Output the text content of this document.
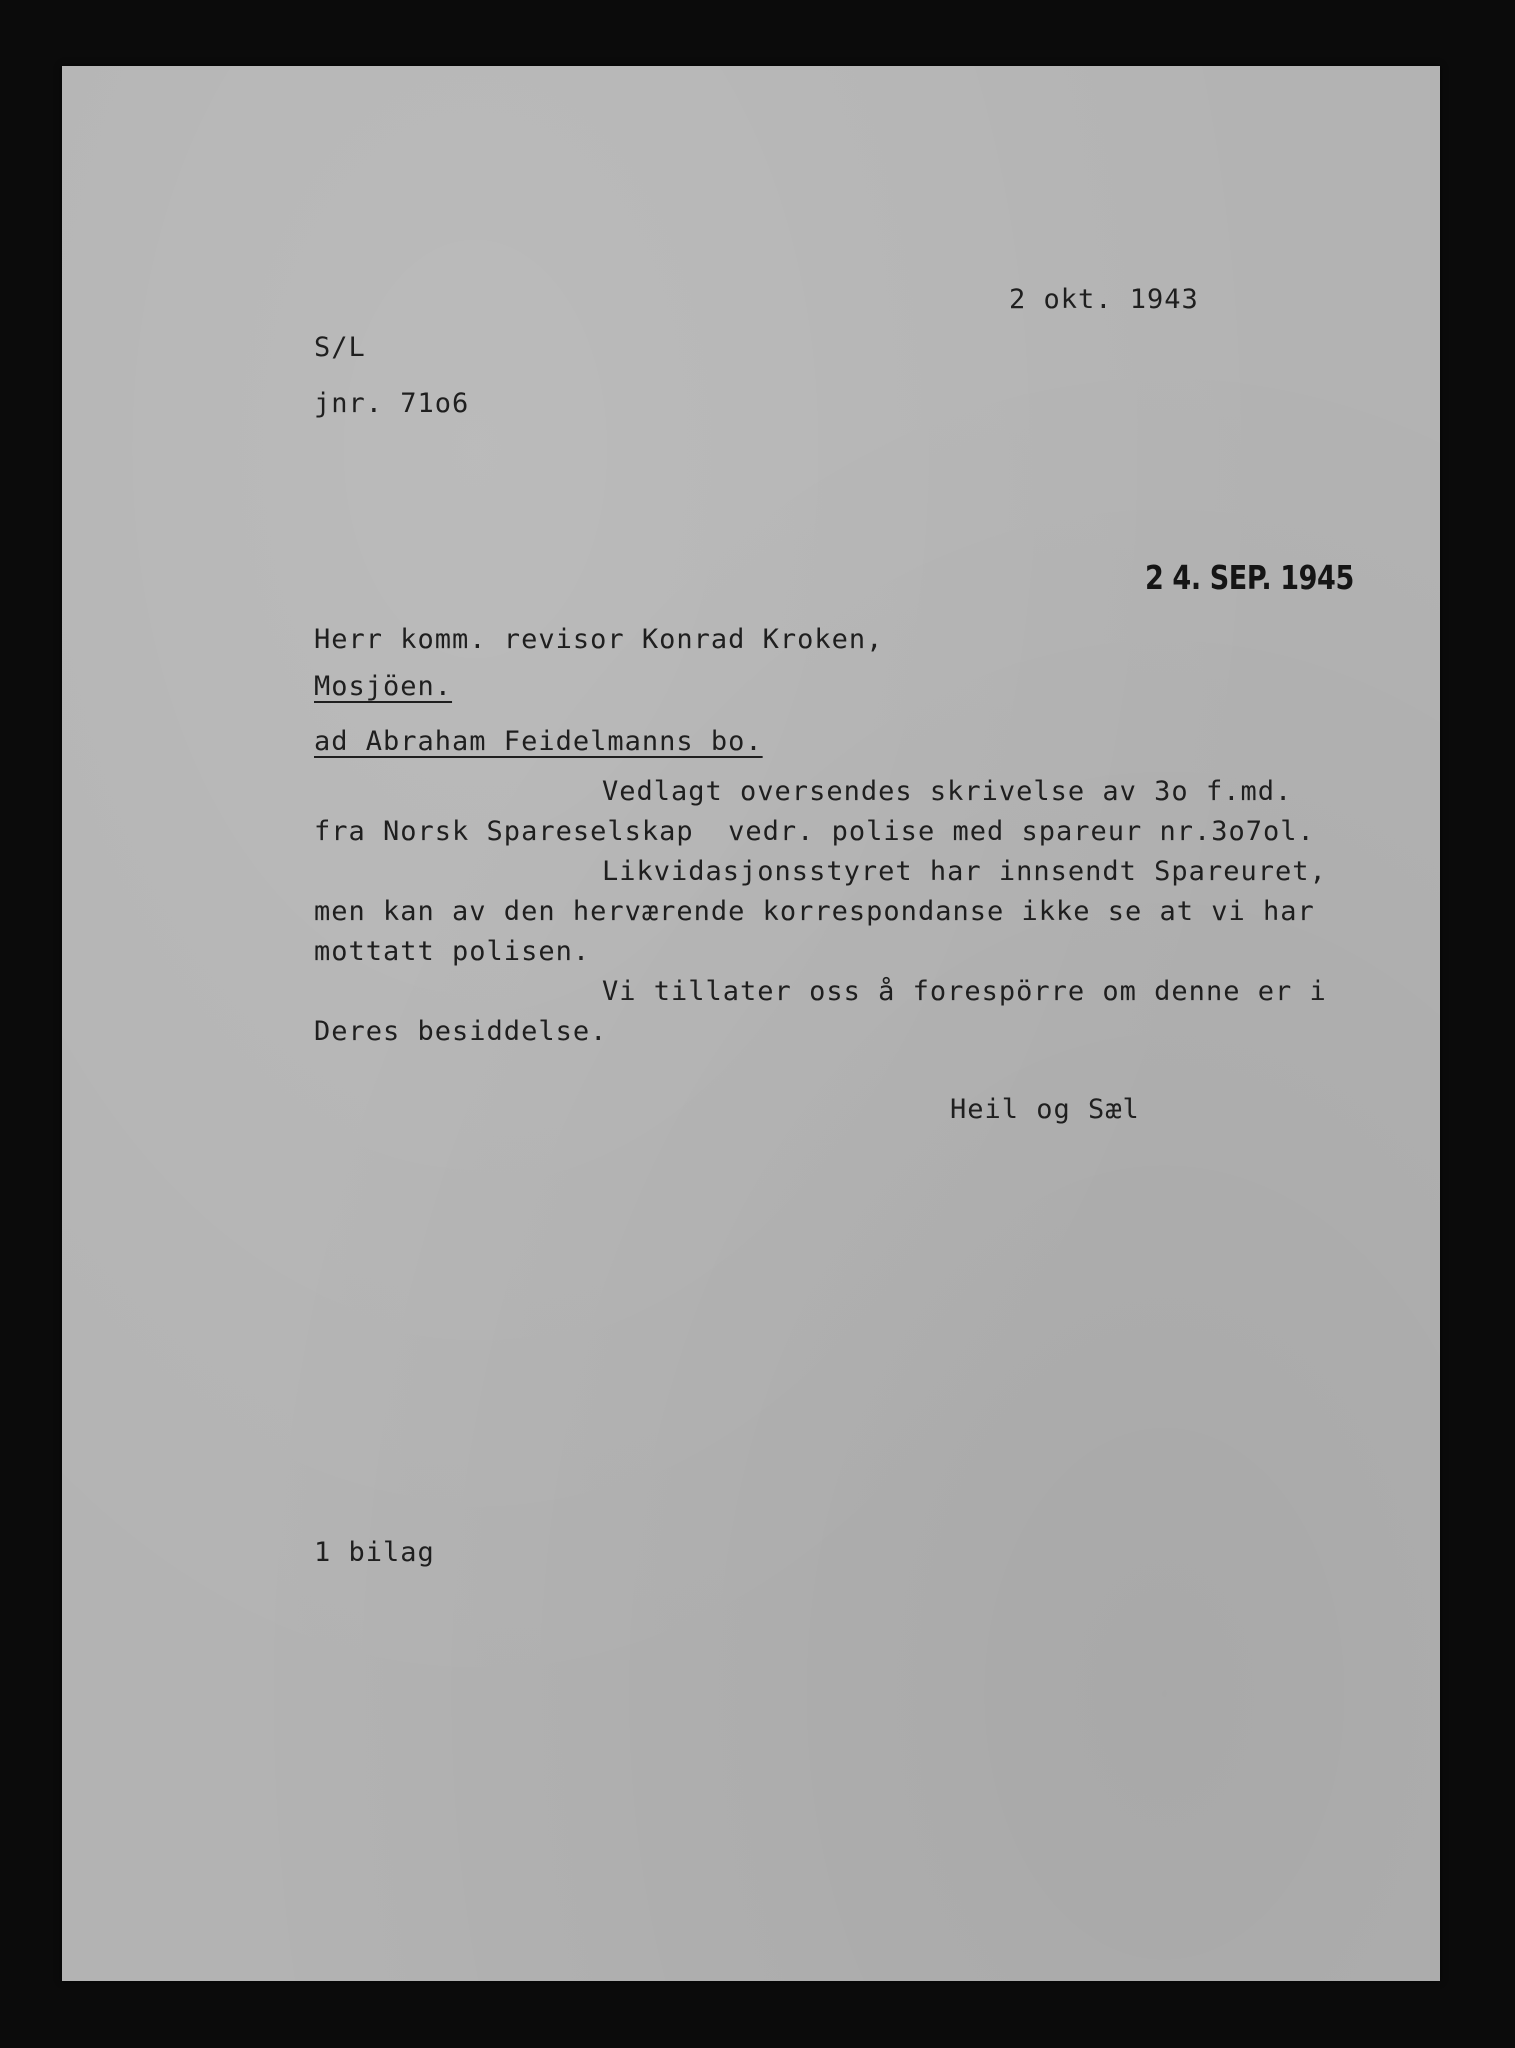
2 okt. 1943
S/L
jnr. 71o6
2 4. SEP. 1945
Herr komm. revisor Konrad Kroken,
Mosjöen.
ad Abraham Feidelmanns bo.
Vedlagt oversendes skrivelse av 3o f.md.
fra Norsk Spareselskap  vedr. polise med spareur nr.3o7ol.
Likvidasjonsstyret har innsendt Spareuret,
men kan av den herværende korrespondanse ikke se at vi har
mottatt polisen.
Vi tillater oss å forespörre om denne er i
Deres besiddelse.
Heil og Sæl
1 bilag
